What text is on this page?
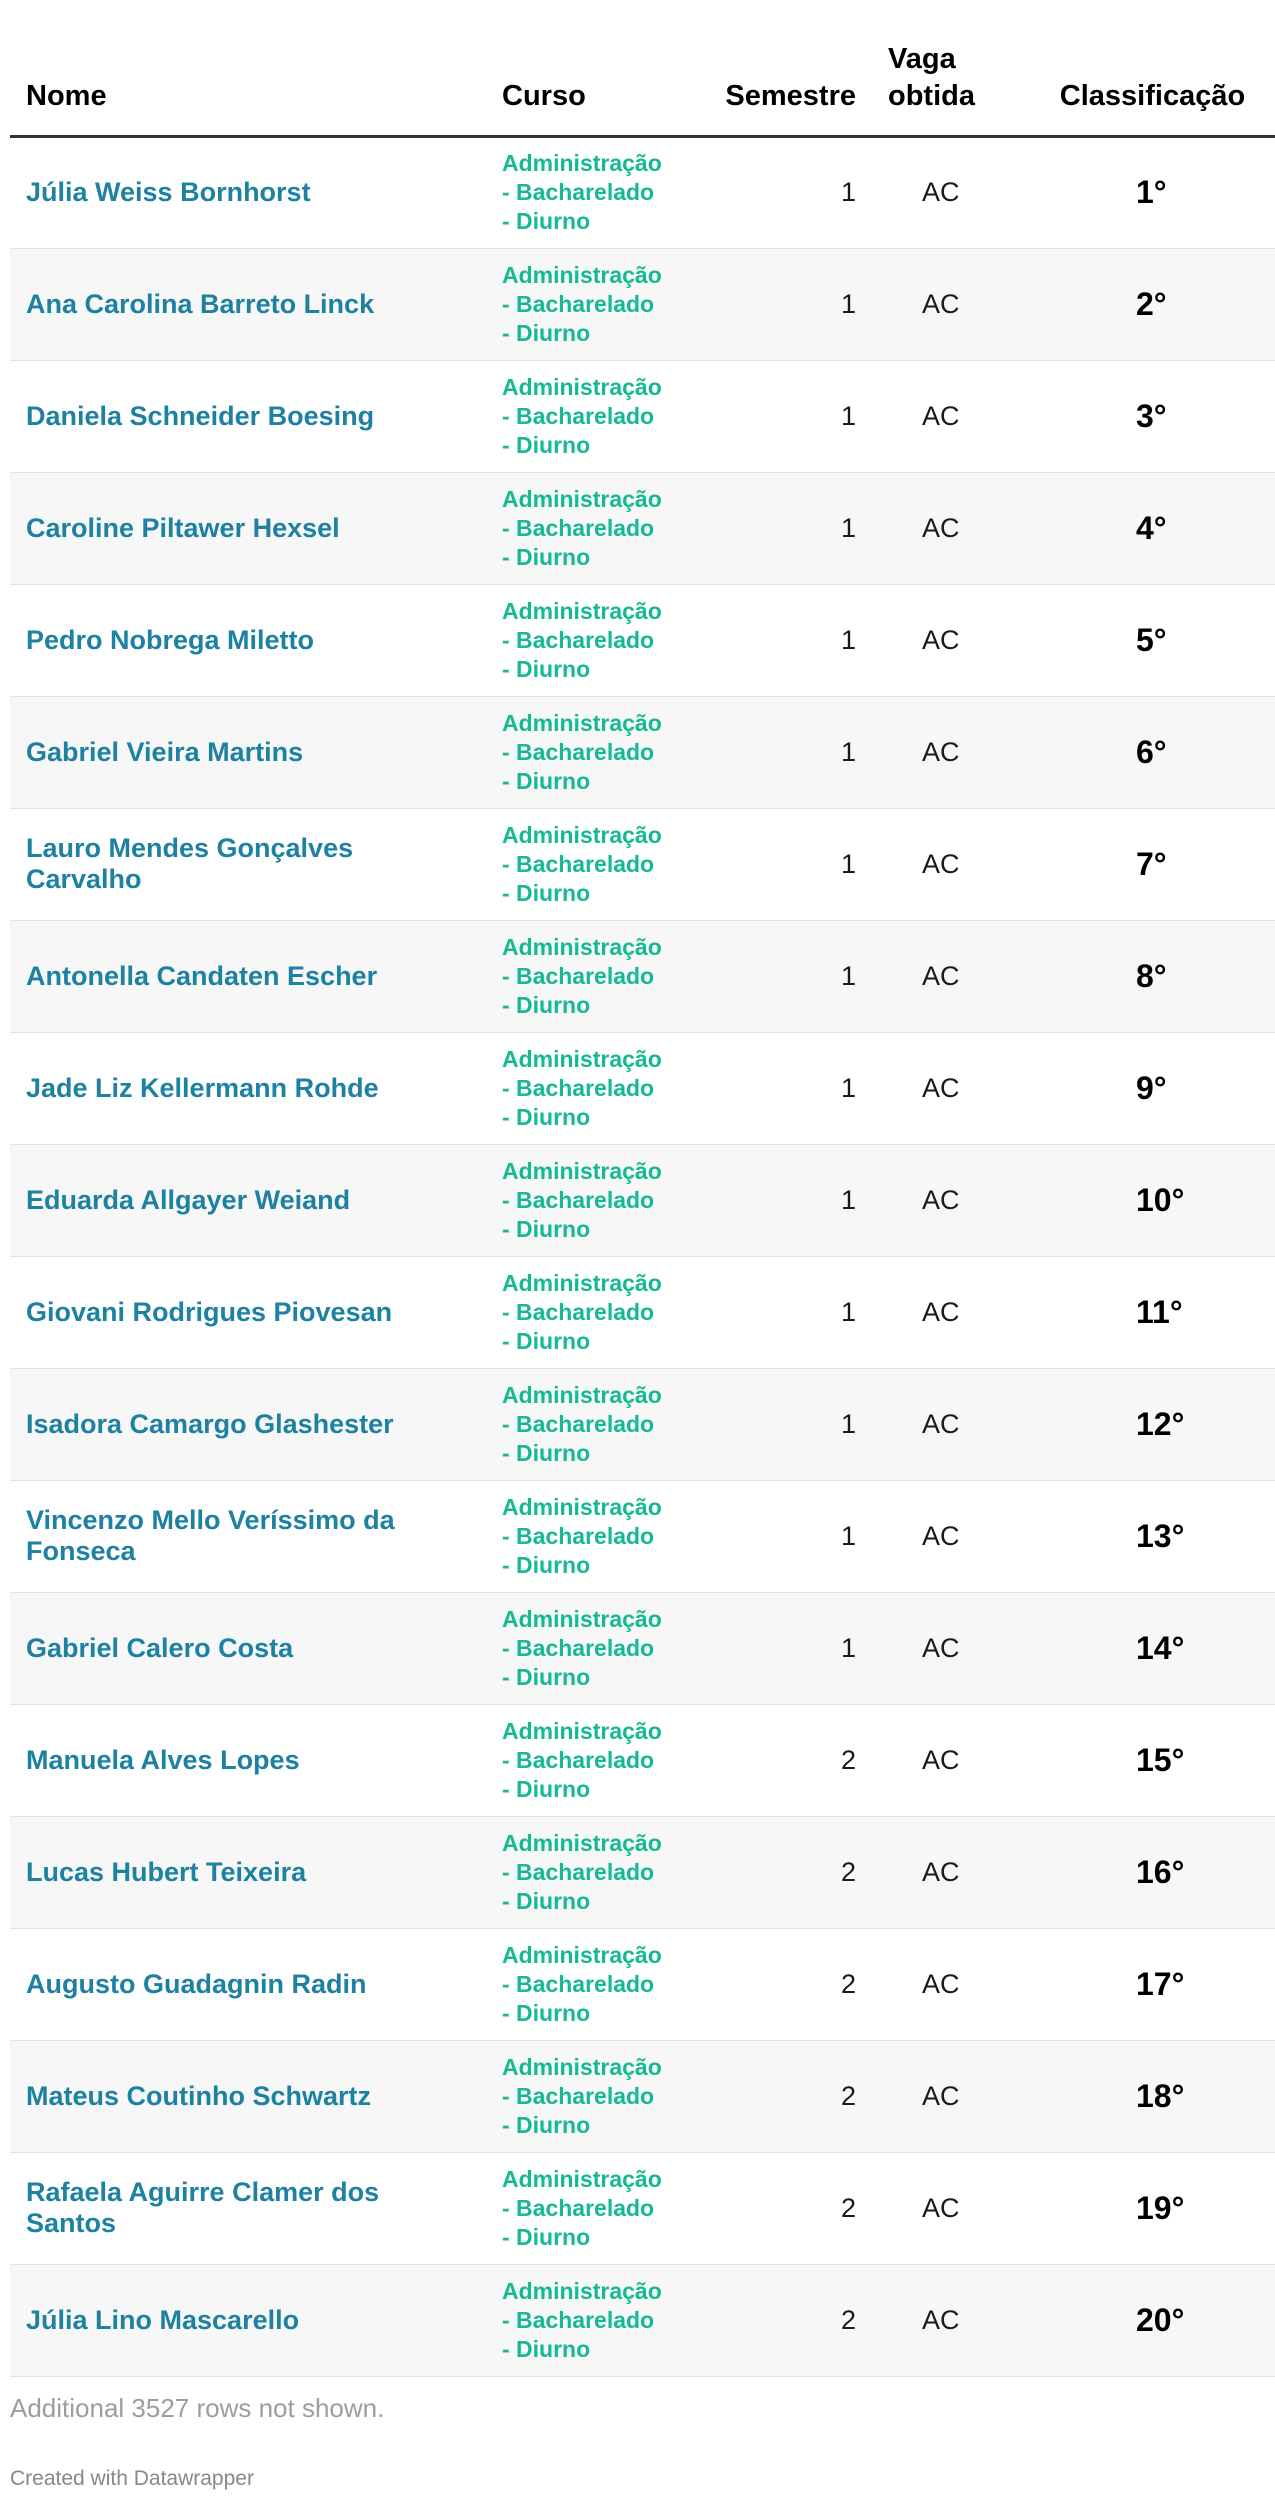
Nome	Curso	Semestre	Vaga obtida	Classificação
Júlia Weiss Bornhorst	Administração
- Bacharelado
- Diurno	1	AC	1°
Ana Carolina Barreto Linck	Administração
- Bacharelado
- Diurno	1	AC	2°
Daniela Schneider Boesing	Administração
- Bacharelado
- Diurno	1	AC	3°
Caroline Piltawer Hexsel	Administração
- Bacharelado
- Diurno	1	AC	4°
Pedro Nobrega Miletto	Administração
- Bacharelado
- Diurno	1	AC	5°
Gabriel Vieira Martins	Administração
- Bacharelado
- Diurno	1	AC	6°
Lauro Mendes Gonçalves Carvalho	Administração
- Bacharelado
- Diurno	1	AC	7°
Antonella Candaten Escher	Administração
- Bacharelado
- Diurno	1	AC	8°
Jade Liz Kellermann Rohde	Administração
- Bacharelado
- Diurno	1	AC	9°
Eduarda Allgayer Weiand	Administração
- Bacharelado
- Diurno	1	AC	10°
Giovani Rodrigues Piovesan	Administração
- Bacharelado
- Diurno	1	AC	11°
Isadora Camargo Glashester	Administração
- Bacharelado
- Diurno	1	AC	12°
Vincenzo Mello Veríssimo da Fonseca	Administração
- Bacharelado
- Diurno	1	AC	13°
Gabriel Calero Costa	Administração
- Bacharelado
- Diurno	1	AC	14°
Manuela Alves Lopes	Administração
- Bacharelado
- Diurno	2	AC	15°
Lucas Hubert Teixeira	Administração
- Bacharelado
- Diurno	2	AC	16°
Augusto Guadagnin Radin	Administração
- Bacharelado
- Diurno	2	AC	17°
Mateus Coutinho Schwartz	Administração
- Bacharelado
- Diurno	2	AC	18°
Rafaela Aguirre Clamer dos Santos	Administração
- Bacharelado
- Diurno	2	AC	19°
Júlia Lino Mascarello	Administração
- Bacharelado
- Diurno	2	AC	20°
Additional 3527 rows not shown.
Created with Datawrapper
